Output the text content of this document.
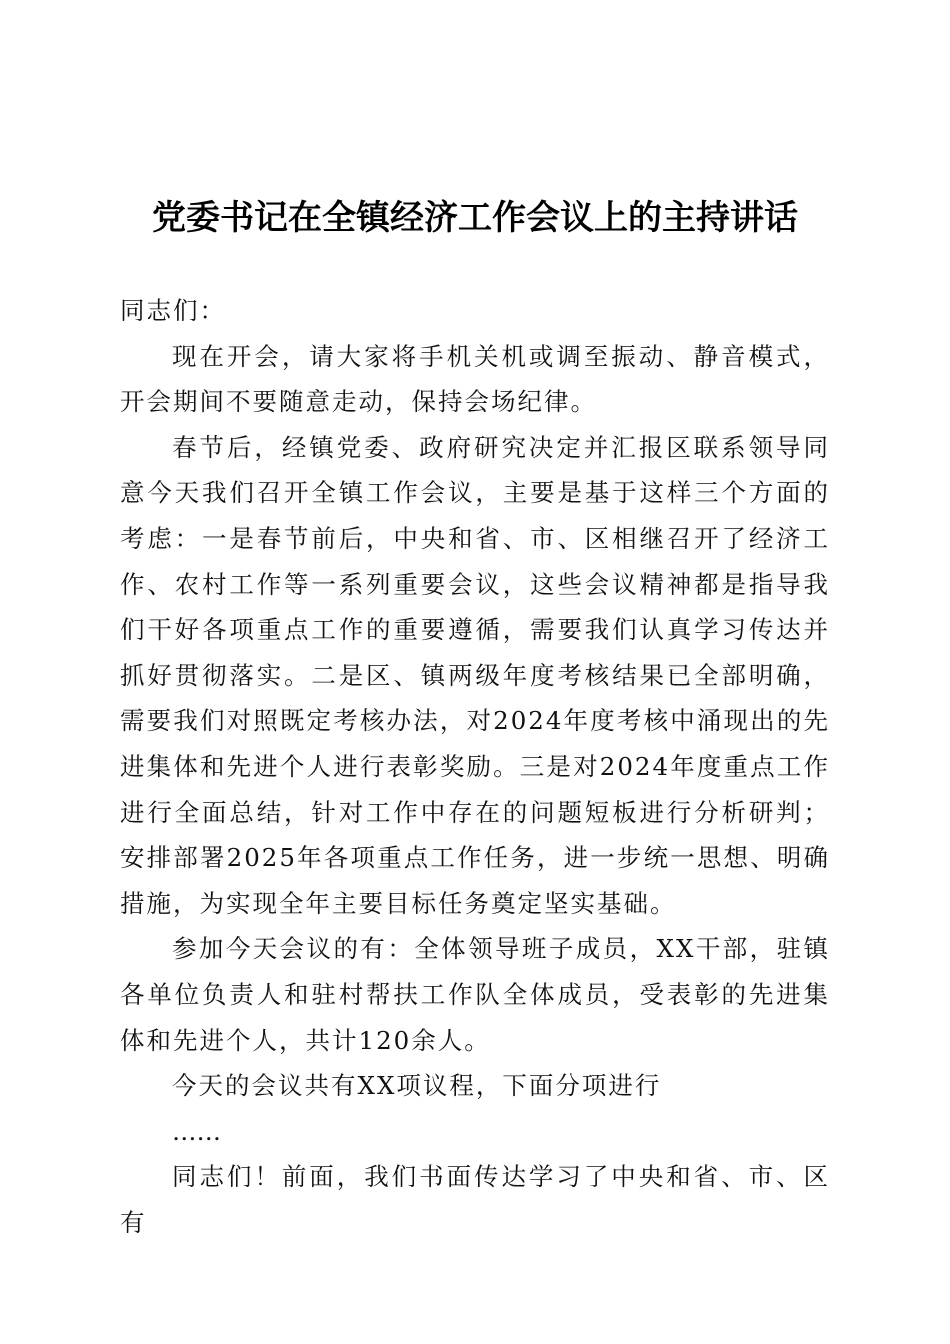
党委书记在全镇经济工作会议上的主持讲话

同志们：

现在开会，请大家将手机关机或调至振动、静音模式，开会期间不要随意走动，保持会场纪律。

春节后，经镇党委、政府研究决定并汇报区联系领导同意今天我们召开全镇工作会议，主要是基于这样三个方面的考虑：一是春节前后，中央和省、市、区相继召开了经济工作、农村工作等一系列重要会议，这些会议精神都是指导我们干好各项重点工作的重要遵循，需要我们认真学习传达并抓好贯彻落实。二是区、镇两级年度考核结果已全部明确，需要我们对照既定考核办法，对2024年度考核中涌现出的先进集体和先进个人进行表彰奖励。三是对2024年度重点工作进行全面总结，针对工作中存在的问题短板进行分析研判；安排部署2025年各项重点工作任务，进一步统一思想、明确措施，为实现全年主要目标任务奠定坚实基础。

参加今天会议的有：全体领导班子成员，XX干部，驻镇各单位负责人和驻村帮扶工作队全体成员，受表彰的先进集体和先进个人，共计120余人。

今天的会议共有XX项议程，下面分项进行

……

同志们！前面，我们书面传达学习了中央和省、市、区有
